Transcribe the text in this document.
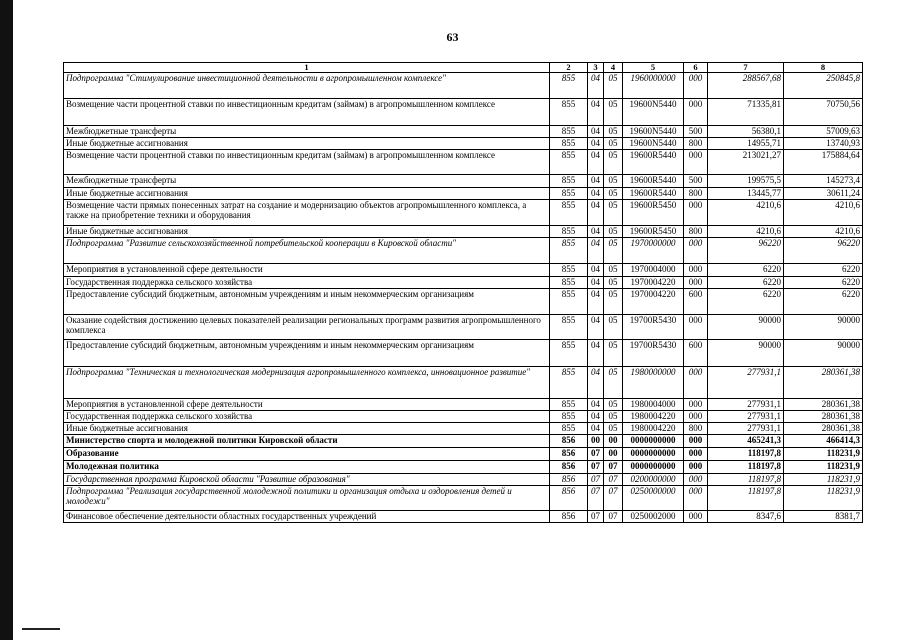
63
1	2	3	4	5	6	7	8
Подпрограмма "Стимулирование инвестиционной деятельности в агропромышленном комплексе"	855	04	05	1960000000	000	288567,68	250845,8
Возмещение части процентной ставки по инвестиционным кредитам (займам) в агропромышленном комплексе	855	04	05	19600N5440	000	71335,81	70750,56
Межбюджетные трансферты	855	04	05	19600N5440	500	56380,1	57009,63
Иные бюджетные ассигнования	855	04	05	19600N5440	800	14955,71	13740,93
Возмещение части процентной ставки по инвестиционным кредитам (займам) в агропромышленном комплексе	855	04	05	19600R5440	000	213021,27	175884,64
Межбюджетные трансферты	855	04	05	19600R5440	500	199575,5	145273,4
Иные бюджетные ассигнования	855	04	05	19600R5440	800	13445,77	30611,24
Возмещение части прямых понесенных затрат на создание и модернизацию объектов агропромышленного комплекса, а также на приобретение техники и оборудования	855	04	05	19600R5450	000	4210,6	4210,6
Иные бюджетные ассигнования	855	04	05	19600R5450	800	4210,6	4210,6
Подпрограмма "Развитие сельскохозяйственной потребительской кооперации в Кировской области"	855	04	05	1970000000	000	96220	96220
Мероприятия в установленной сфере деятельности	855	04	05	1970004000	000	6220	6220
Государственная поддержка сельского хозяйства	855	04	05	1970004220	000	6220	6220
Предоставление субсидий бюджетным, автономным учреждениям и иным некоммерческим организациям	855	04	05	1970004220	600	6220	6220
Оказание содействия достижению целевых показателей реализации региональных программ развития агропромышленного комплекса	855	04	05	19700R5430	000	90000	90000
Предоставление субсидий бюджетным, автономным учреждениям и иным некоммерческим организациям	855	04	05	19700R5430	600	90000	90000
Подпрограмма "Техническая и технологическая модернизация агропромышленного комплекса, инновационное развитие"	855	04	05	1980000000	000	277931,1	280361,38
Мероприятия в установленной сфере деятельности	855	04	05	1980004000	000	277931,1	280361,38
Государственная поддержка сельского хозяйства	855	04	05	1980004220	000	277931,1	280361,38
Иные бюджетные ассигнования	855	04	05	1980004220	800	277931,1	280361,38
Министерство спорта и молодежной политики Кировской области	856	00	00	0000000000	000	465241,3	466414,3
Образование	856	07	00	0000000000	000	118197,8	118231,9
Молодежная политика	856	07	07	0000000000	000	118197,8	118231,9
Государственная программа Кировской области "Развитие образования"	856	07	07	0200000000	000	118197,8	118231,9
Подпрограмма "Реализация государственной молодежной политики и организация отдыха и оздоровления детей и молодежи"	856	07	07	0250000000	000	118197,8	118231,9
Финансовое обеспечение деятельности областных государственных учреждений	856	07	07	0250002000	000	8347,6	8381,7
